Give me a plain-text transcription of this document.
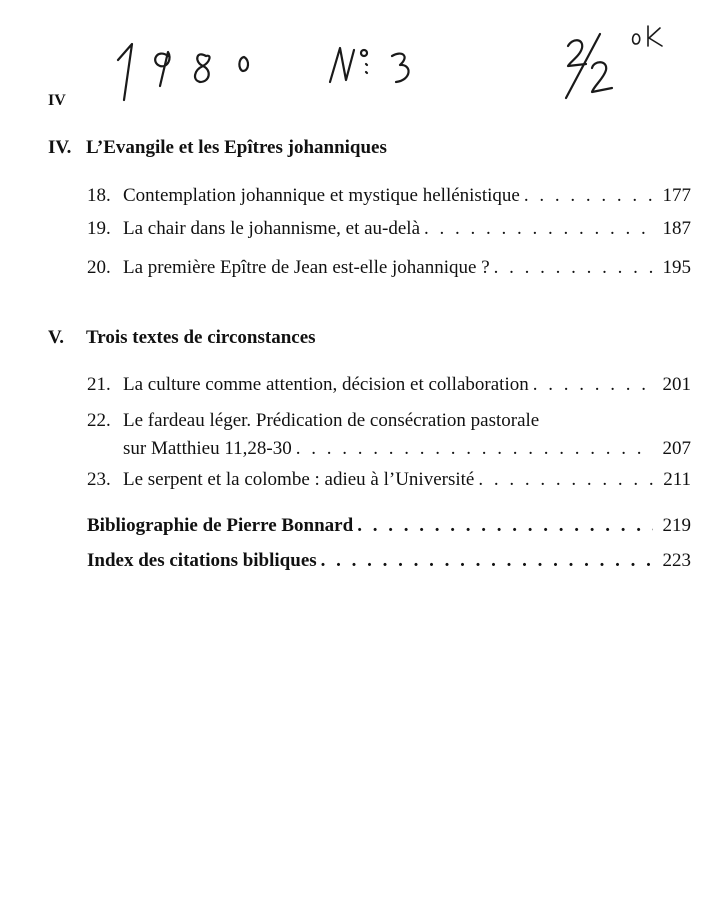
IV
IV. L’Evangile et les Epîtres johanniques
18. Contemplation johannique et mystique hellénistique . . .	177
19. La chair dans le johannisme, et au-delà . . .	187
20. La première Epître de Jean est-elle johannique ? . . .	195
V. Trois textes de circonstances
21. La culture comme attention, décision et collaboration . . .	201
22. Le fardeau léger. Prédication de consécration pastorale
sur Matthieu 11,28-30 . . .	207
23. Le serpent et la colombe : adieu à l’Université . . .	211
Bibliographie de Pierre Bonnard . . .	219
Index des citations bibliques . . .	223
